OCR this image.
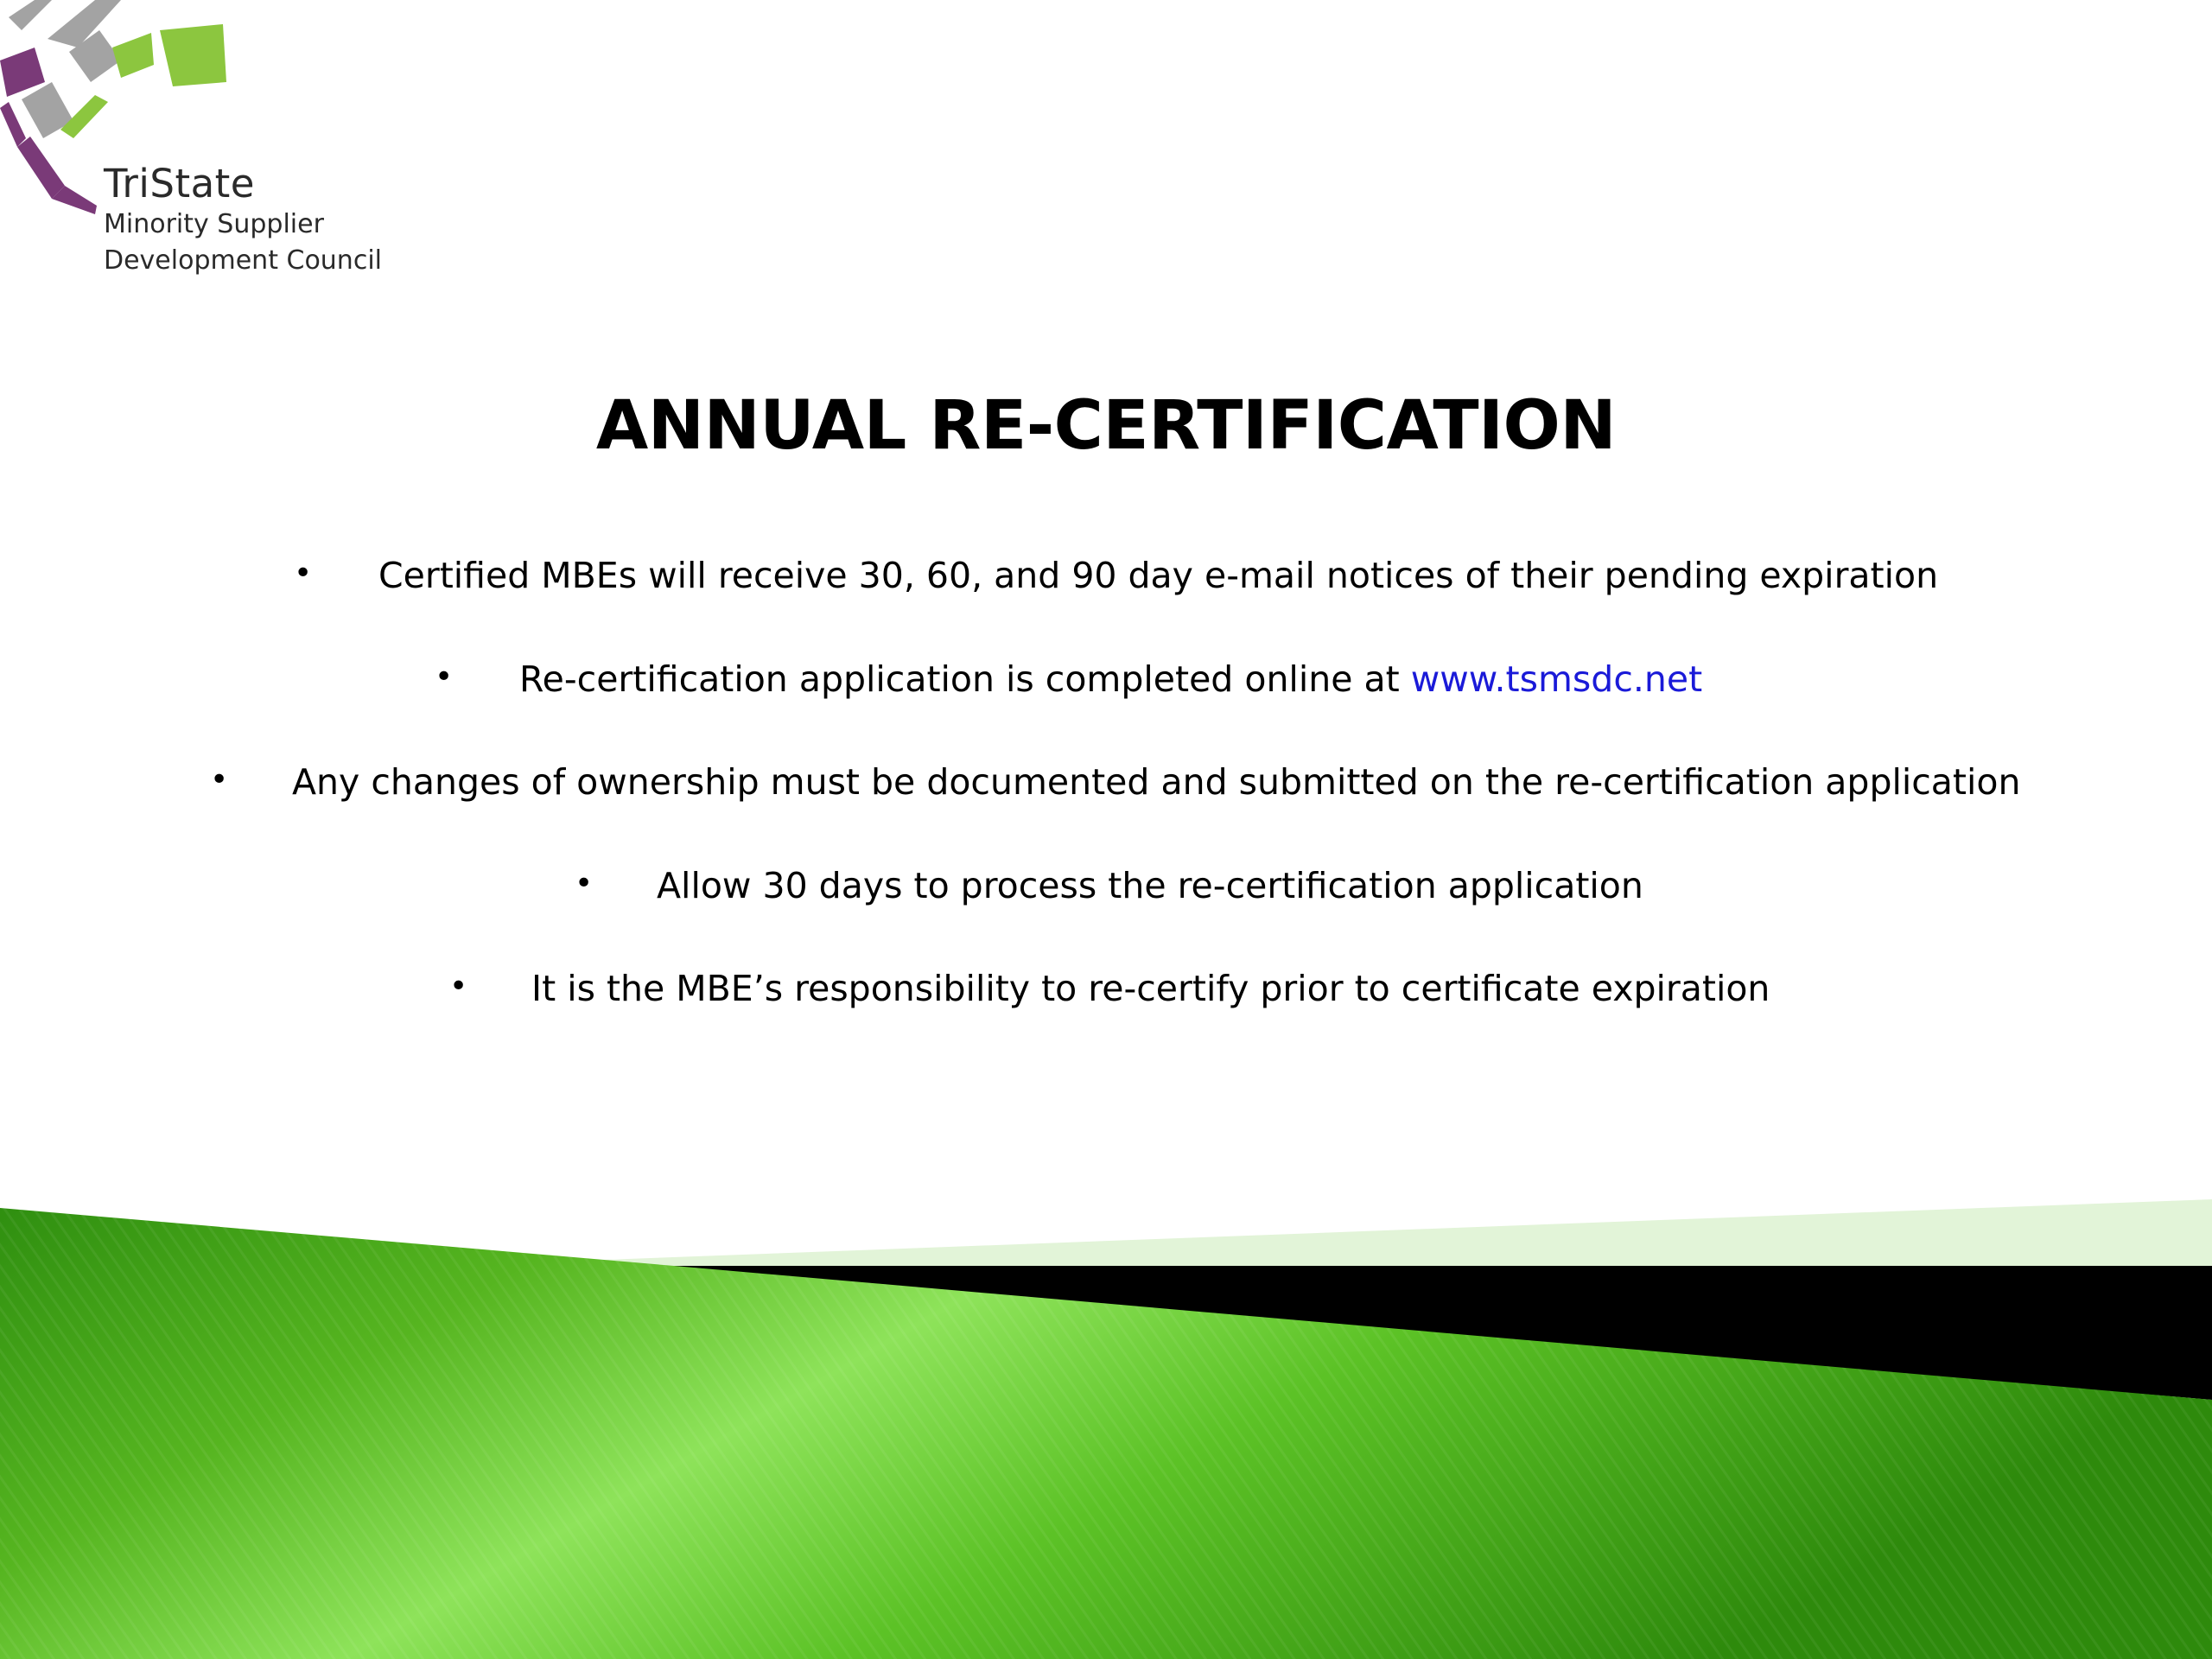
TriState
Minority Supplier
Development Council
ANNUAL RE-CERTIFICATION
• Certified MBEs will receive 30, 60, and 90 day e-mail notices of their pending expiration
• Re-certification application is completed online at www.tsmsdc.net
• Any changes of ownership must be documented and submitted on the re-certification application
• Allow 30 days to process the re-certification application
• It is the MBE’s responsibility to re-certify prior to certificate expiration
